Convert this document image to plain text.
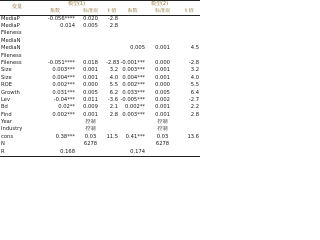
变量	模型(1)			模型(2)		
	系数	标准误	t 值	系数	标准误	t 值
MediaP	-0.056****	0.020	-2.8			
MediaP	0.014	0.005	2.8			
Fileness						
MediaN						
MediaN				0.005	0.001	4.5
Fileness						
Fileness	-0.051****	0.018	-2.83	-0.001***	0.000	-2.8
Size	0.003***	0.001	3.2	0.003***	0.001	3.2
Size	0.004***	0.001	4.0	0.004***	0.001	4.0
ROE	0.002***	0.000	5.5	0.002***	0.000	5.5
Growth	0.031***	0.005	6.2	0.033***	0.005	6.4
Lev	-0.04***	0.011	-3.6	-0.005***	0.002	-2.7
Bd	0.02**	0.009	2.1	0.002**	0.001	2.2
Find	0.002***	0.001	2.8	0.003***	0.001	2.8
Year		控制			控制	
Industry		控制			控制	
cons	0.38***	0.03	11.5	0.41***	0.03	13.6
N		6278			6278	
R	0.168			0.174		
